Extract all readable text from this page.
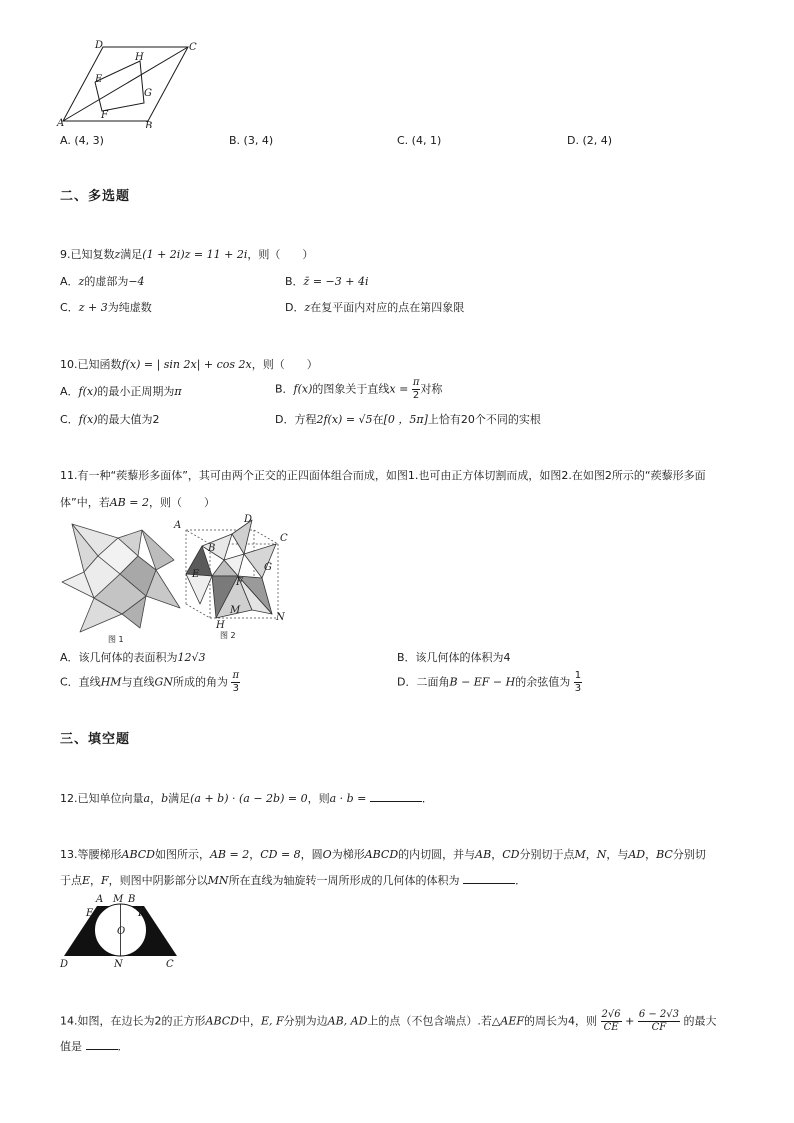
D	C
H
E
G
F
A	B
A. (4, 3)	B. (3, 4)	C. (4, 1)	D. (2, 4)
二、多选题
9.已知复数z满足(1 + 2i)z = 11 + 2i，则（　　）
A．z的虚部为−4	B．z̄ = −3 + 4i
C．z + 3为纯虚数	D．z在复平面内对应的点在第四象限
10.已知函数f(x) = | sin 2x| + cos 2x，则（　　）
A．f(x)的最小正周期为π	B．f(x)的图象关于直线$x = \frac{\pi}{2}$ 对称
C．f(x)的最大值为2	D．方程2f(x) = √5在[0 ，5π]上恰有20个不同的实根
11.有一种“蒺藜形多面体”，其可由两个正交的正四面体组合而成，如图1.也可由正方体切割而成，如图2.在如图2所示的“蒺藜形多面
体”中，若AB = 2，则（　　）
图 1
A
D
C
B
E
F
G
M
N
H
图 2
A．该几何体的表面积为12√3	B．该几何体的体积为4
C．直线HM与直线GN所成的角为 $\frac{\pi}{3}$	D．二面角B − EF − H的余弦值为 $\frac{1}{3}$
三、填空题
12.已知单位向量a，b满足(a + b) · (a − 2b) = 0，则a · b =	．
13.等腰梯形ABCD如图所示，AB = 2，CD = 8，圆O为梯形ABCD的内切圆，并与AB，CD分别切于点M，N，与AD，BC分别切
于点E，F，则图中阴影部分以MN所在直线为轴旋转一周所形成的几何体的体积为	．
A M B
E	F
O
D	N	C
14.如图，在边长为2的正方形ABCD中，E, F分别为边AB, AD上的点（不包含端点）.若△AEF的周长为4，则 $\frac{2√6}{CE} + \frac{6 - 2√3}{CF}$ 的最大
值是	．
